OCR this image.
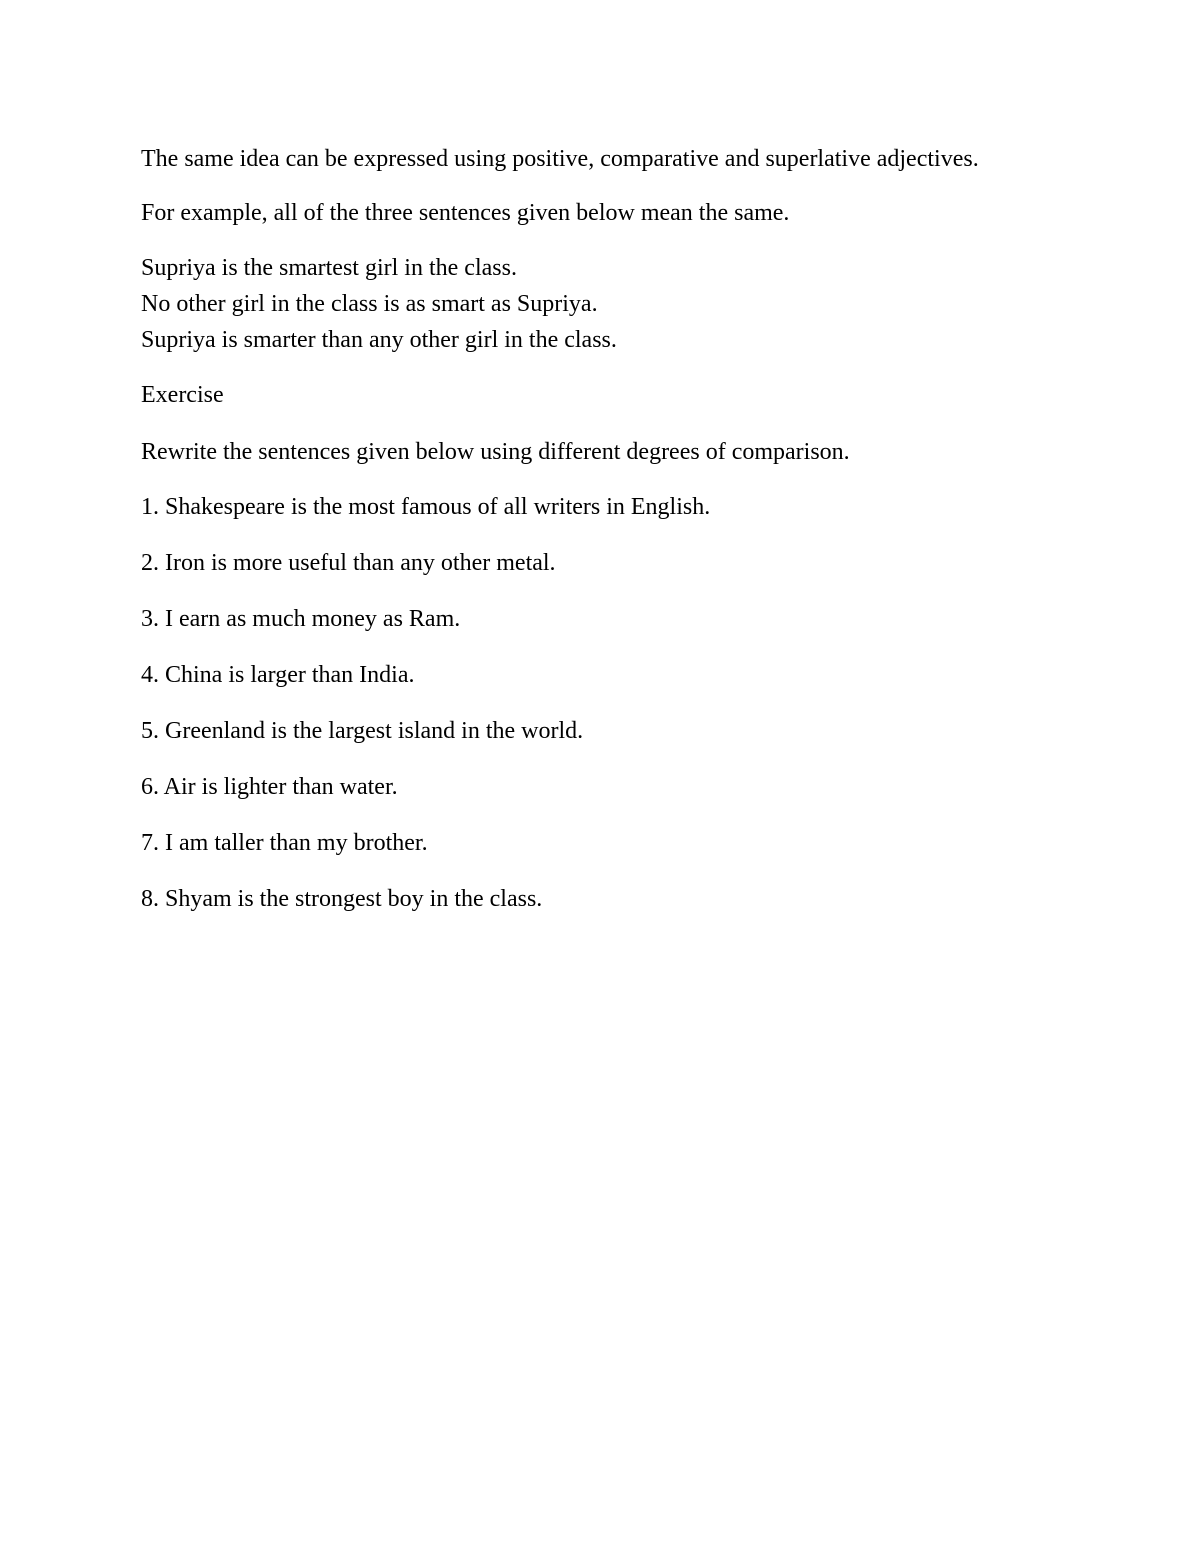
The same idea can be expressed using positive, comparative and superlative adjectives.

For example, all of the three sentences given below mean the same.

Supriya is the smartest girl in the class.

No other girl in the class is as smart as Supriya.

Supriya is smarter than any other girl in the class.

Exercise

Rewrite the sentences given below using different degrees of comparison.

1. Shakespeare is the most famous of all writers in English.
2. Iron is more useful than any other metal.
3. I earn as much money as Ram.
4. China is larger than India.
5. Greenland is the largest island in the world.
6. Air is lighter than water.
7. I am taller than my brother.
8. Shyam is the strongest boy in the class.
